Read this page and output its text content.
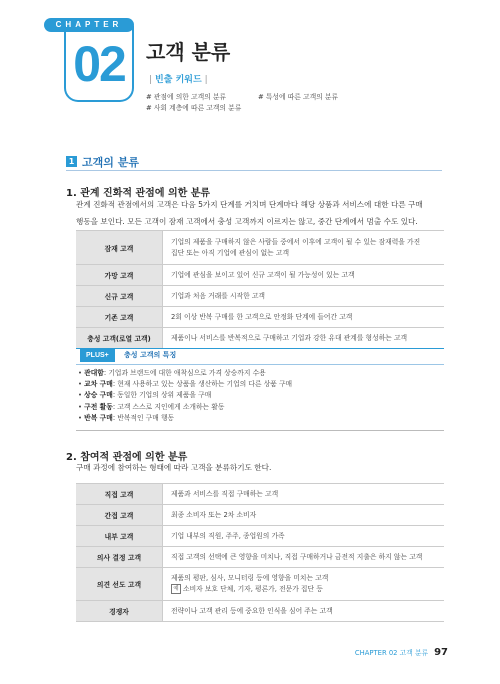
CHAPTER
02	고객 분류
| 빈출 키워드 |
# 관점에 의한 고객의 분류	# 특성에 따른 고객의 분류
# 사회 계층에 따른 고객의 분류
1 고객의 분류
1. 관계 진화적 관점에 의한 분류
관계 진화적 관점에서의 고객은 다음 5가지 단계를 거치며 단계마다 해당 상품과 서비스에 대한 다른 구매
행동을 보인다. 모든 고객이 잠재 고객에서 충성 고객까지 이르지는 않고, 중간 단계에서 멈출 수도 있다.
잠재 고객	기업의 제품을 구매하지 않은 사람들 중에서 이후에 고객이 될 수 있는 잠재력을 가진
집단 또는 아직 기업에 관심이 없는 고객

가망 고객	기업에 관심을 보이고 있어 신규 고객이 될 가능성이 있는 고객
신규 고객	기업과 처음 거래를 시작한 고객
기존 고객	2회 이상 반복 구매를 한 고객으로 안정화 단계에 들어간 고객
충성 고객(로열 고객)	제품이나 서비스를 반복적으로 구매하고 기업과 강한 유대 관계를 형성하는 고객
PLUS+	충성 고객의 특징
• 관대함: 기업과 브랜드에 대한 애착심으로 가격 상승까지 수용
• 교차 구매: 현재 사용하고 있는 상품을 생산하는 기업의 다른 상품 구매
• 상승 구매: 동일한 기업의 상위 제품을 구매
• 구전 활동: 고객 스스로 지인에게 소개하는 활동
• 반복 구매: 반복적인 구매 행동
2. 참여적 관점에 의한 분류
구매 과정에 참여하는 형태에 따라 고객을 분류하기도 한다.
직접 고객	제품과 서비스를 직접 구매하는 고객
간접 고객	최종 소비자 또는 2차 소비자
내부 고객	기업 내부의 직원, 주주, 종업원의 가족
의사 결정 고객	직접 고객의 선택에 큰 영향을 미치나, 직접 구매하거나 금전적 지출은 하지 않는 고객
의견 선도 고객	제품의 평판, 심사, 모니터링 등에 영향을 미치는 고객
예 소비자 보호 단체, 기자, 평론가, 전문가 집단 등

경쟁자	전략이나 고객 관리 등에 중요한 인식을 심어 주는 고객
CHAPTER 02 고객 분류 97
